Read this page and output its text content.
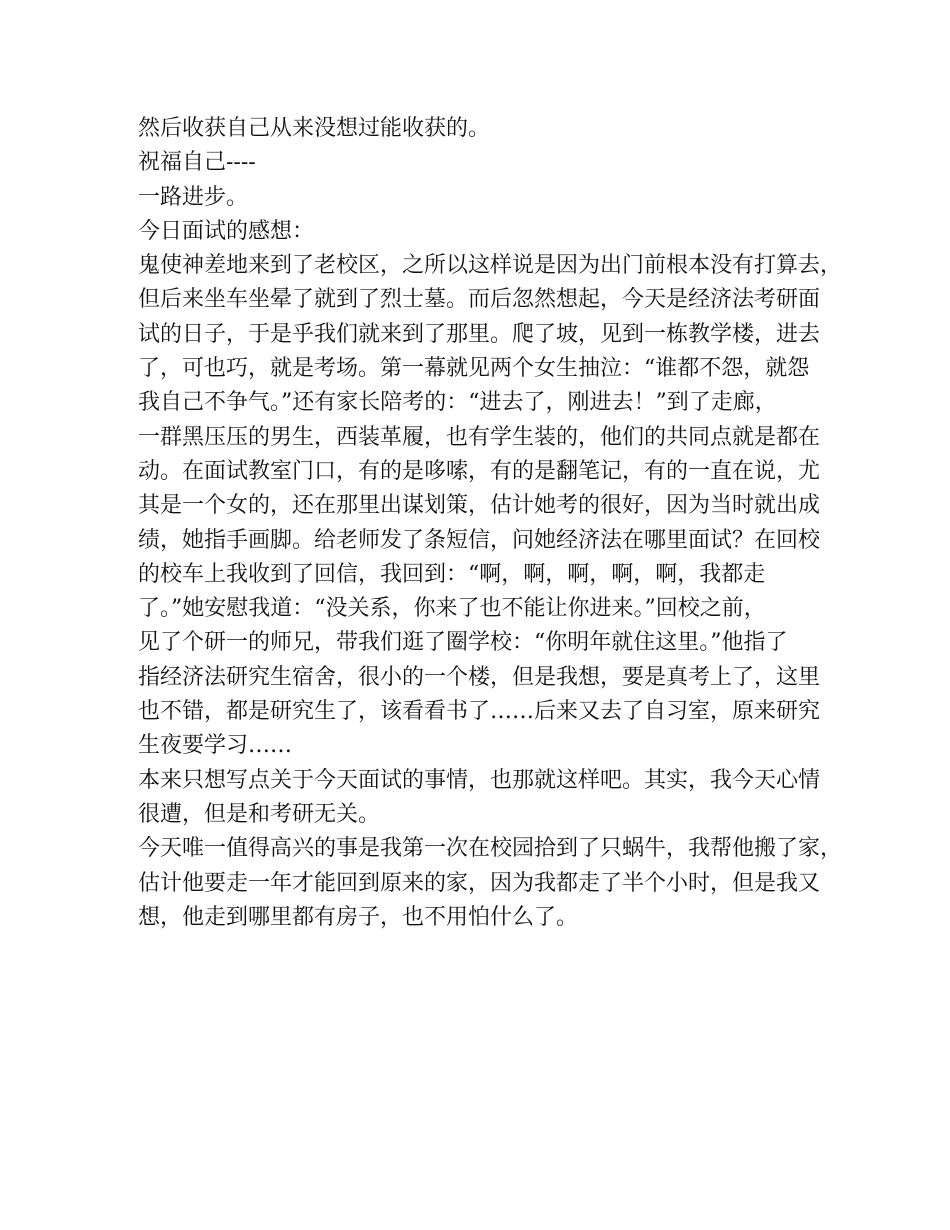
然后收获自己从来没想过能收获的。
祝福自己----
一路进步。
今日面试的感想：
鬼使神差地来到了老校区，之所以这样说是因为出门前根本没有打算去，
但后来坐车坐晕了就到了烈士墓。而后忽然想起，今天是经济法考研面
试的日子，于是乎我们就来到了那里。爬了坡，见到一栋教学楼，进去
了，可也巧，就是考场。第一幕就见两个女生抽泣：“谁都不怨，就怨
我自己不争气。”还有家长陪考的：“进去了，刚进去！”到了走廊，
一群黑压压的男生，西装革履，也有学生装的，他们的共同点就是都在
动。在面试教室门口，有的是哆嗦，有的是翻笔记，有的一直在说，尤
其是一个女的，还在那里出谋划策，估计她考的很好，因为当时就出成
绩，她指手画脚。给老师发了条短信，问她经济法在哪里面试？在回校
的校车上我收到了回信，我回到：“啊，啊，啊，啊，啊，我都走
了。”她安慰我道：“没关系，你来了也不能让你进来。”回校之前，
见了个研一的师兄，带我们逛了圈学校：“你明年就住这里。”他指了
指经济法研究生宿舍，很小的一个楼，但是我想，要是真考上了，这里
也不错，都是研究生了，该看看书了……后来又去了自习室，原来研究
生夜要学习……
本来只想写点关于今天面试的事情，也那就这样吧。其实，我今天心情
很遭，但是和考研无关。
今天唯一值得高兴的事是我第一次在校园拾到了只蜗牛，我帮他搬了家，
估计他要走一年才能回到原来的家，因为我都走了半个小时，但是我又
想，他走到哪里都有房子，也不用怕什么了。
